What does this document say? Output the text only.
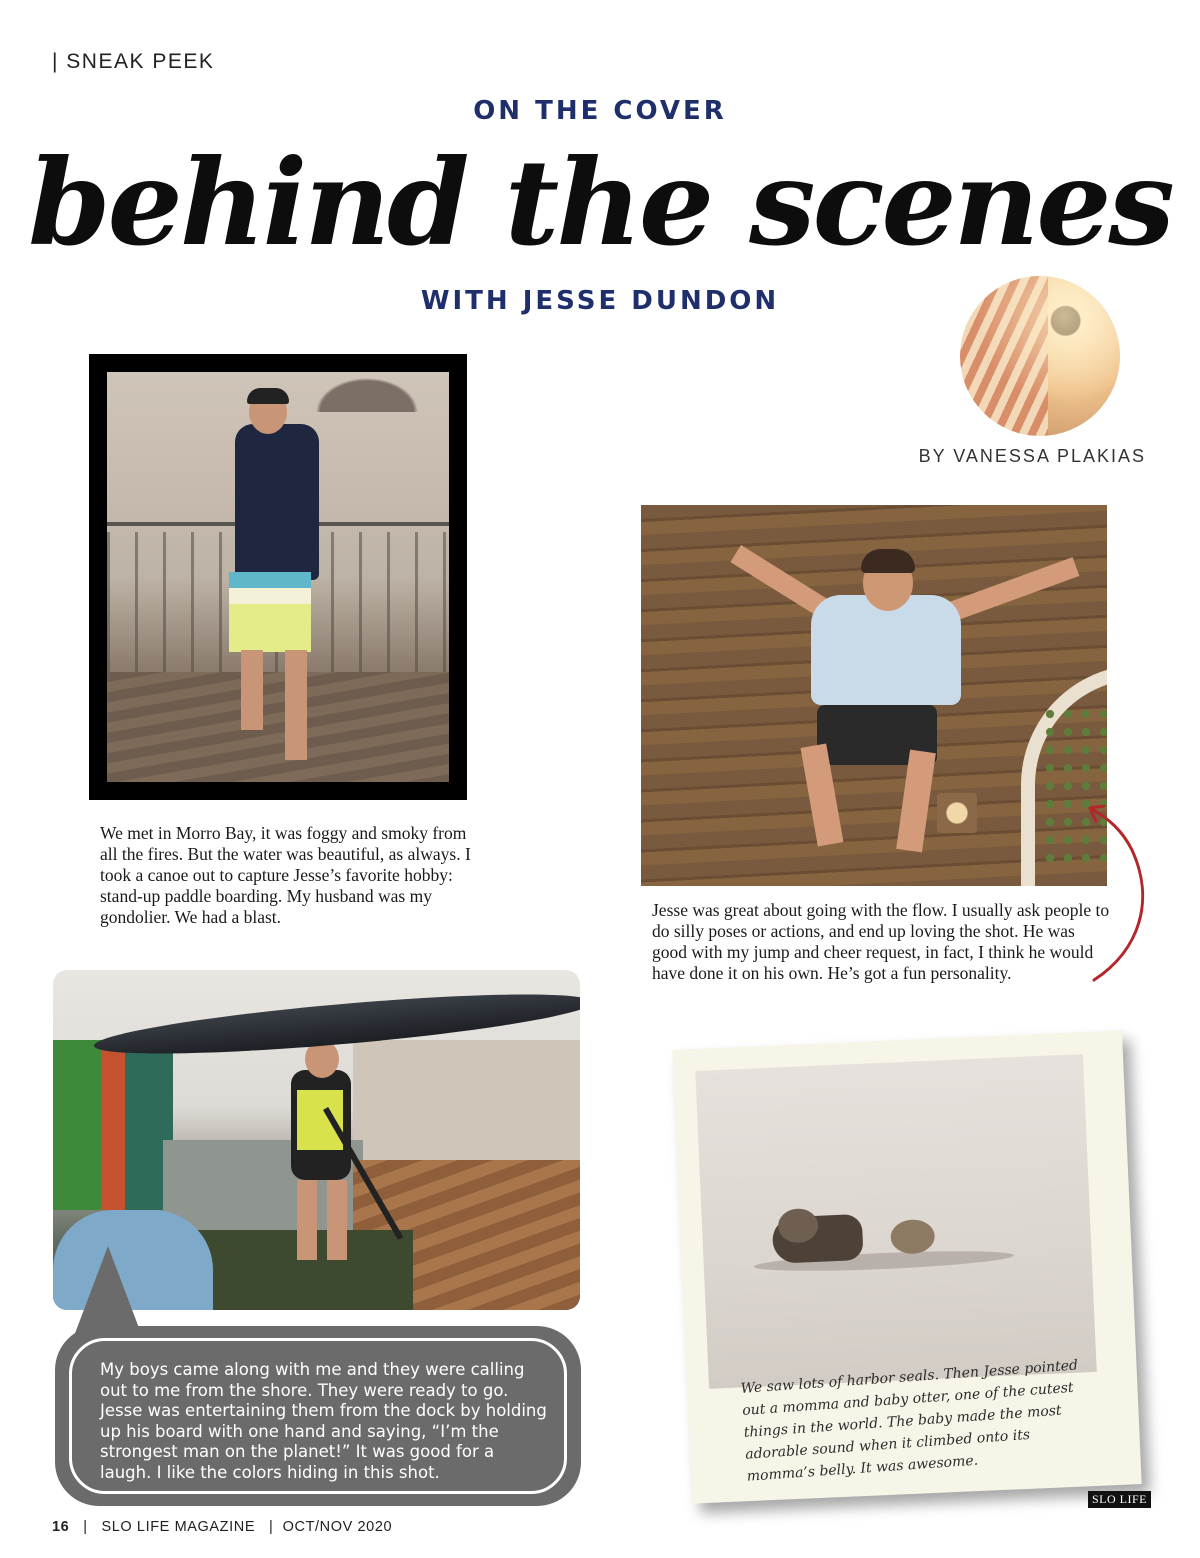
| SNEAK PEEK
ON THE COVER
behind the scenes
WITH JESSE DUNDON
BY VANESSA PLAKIAS
We met in Morro Bay, it was foggy and smoky from all the fires. But the water was beautiful, as always. I took a canoe out to capture Jesse’s favorite hobby: stand-up paddle boarding. My husband was my gondolier. We had a blast.	Jesse was great about going with the flow. I usually ask people to do silly poses or actions, and end up loving the shot. He was good with my jump and cheer request, in fact, I think he would have done it on his own. He’s got a fun personality.
My boys came along with me and they were calling out to me from the shore. They were ready to go. Jesse was entertaining them from the dock by holding up his board with one hand and saying, “I’m the strongest man on the planet!” It was good for a laugh. I like the colors hiding in this shot.
We saw lots of harbor seals. Then Jesse pointed out a momma and baby otter, one of the cutest things in the world. The baby made the most adorable sound when it climbed onto its momma’s belly. It was awesome.
SLO LIFE
16   |   SLO LIFE MAGAZINE   |  OCT/NOV 2020
